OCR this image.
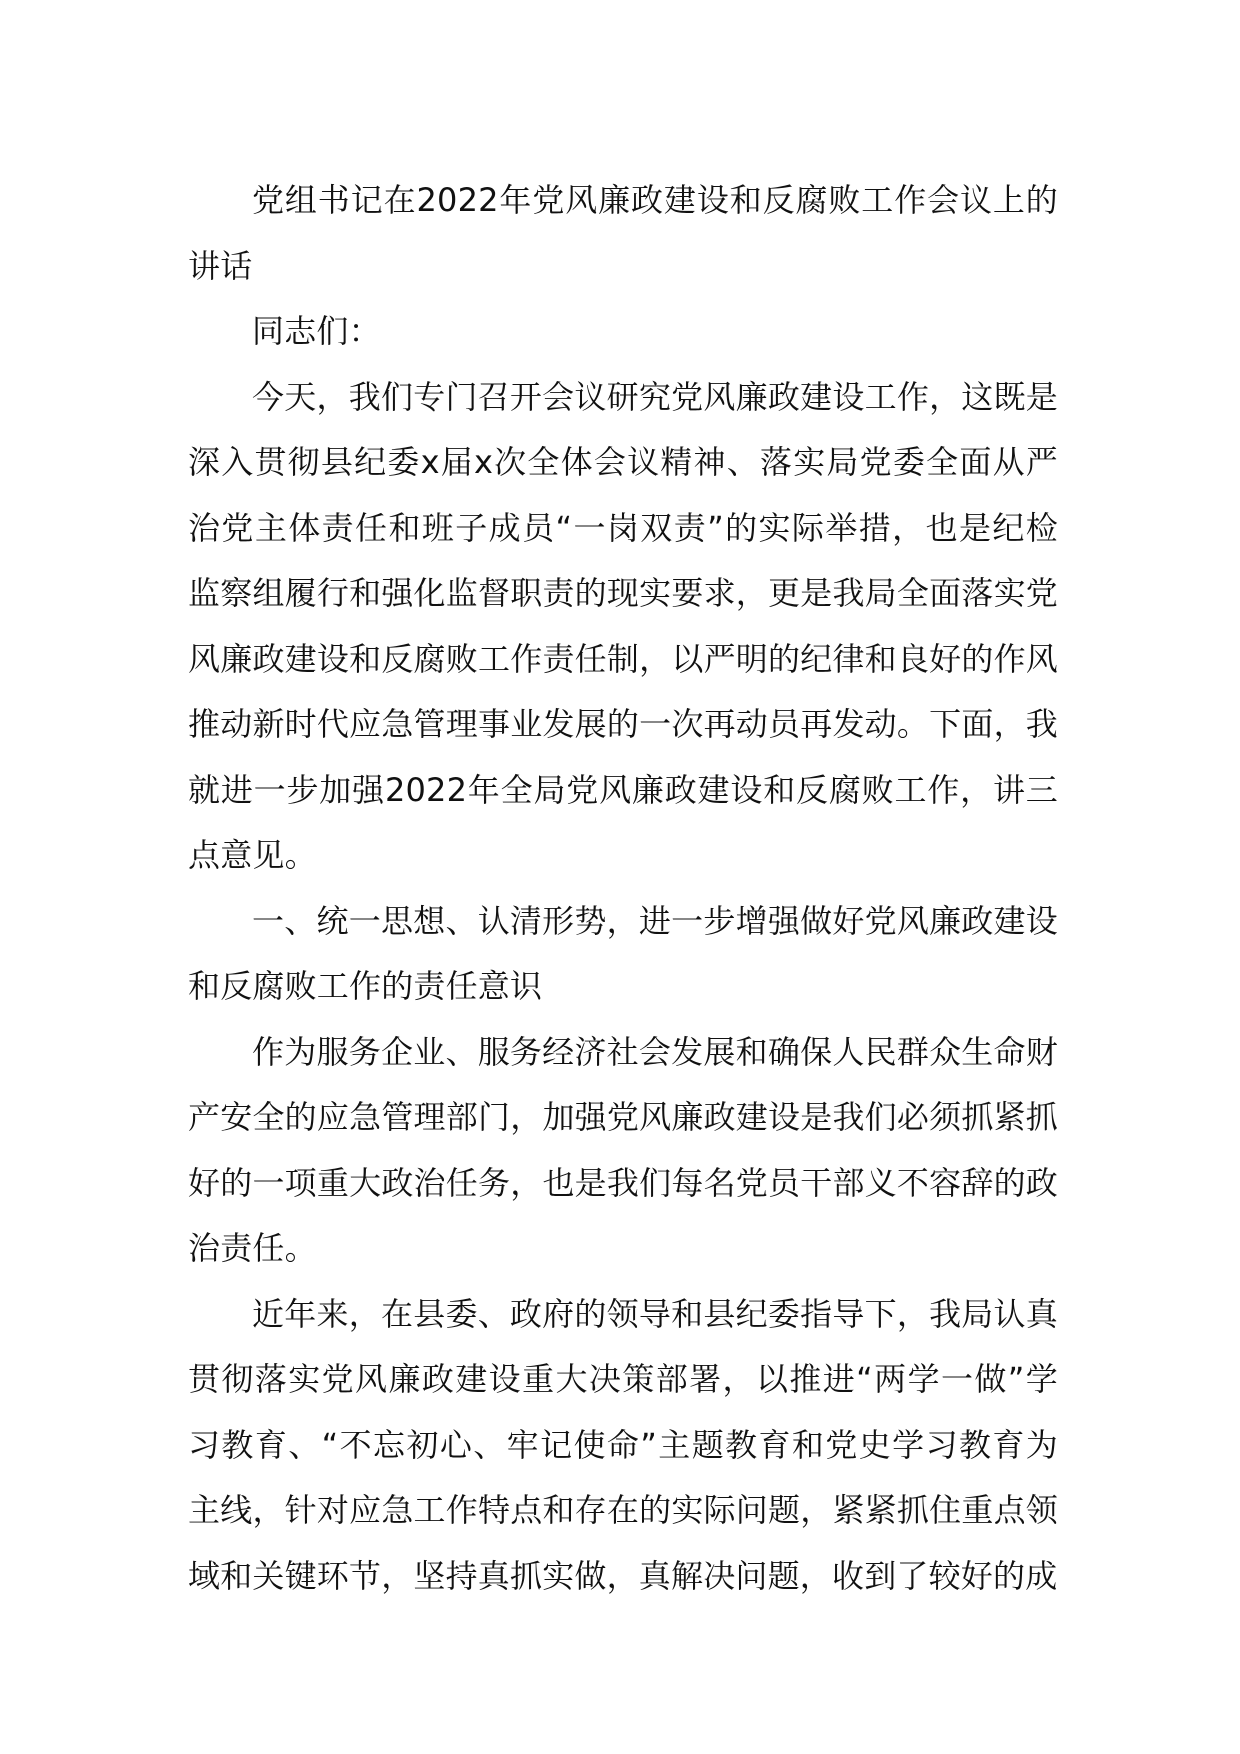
党组书记在2022年党风廉政建设和反腐败工作会议上的讲话

同志们：

今天，我们专门召开会议研究党风廉政建设工作，这既是深入贯彻县纪委x届x次全体会议精神、落实局党委全面从严治党主体责任和班子成员“一岗双责”的实际举措，也是纪检监察组履行和强化监督职责的现实要求，更是我局全面落实党风廉政建设和反腐败工作责任制，以严明的纪律和良好的作风推动新时代应急管理事业发展的一次再动员再发动。下面，我就进一步加强2022年全局党风廉政建设和反腐败工作，讲三点意见。

一、统一思想、认清形势，进一步增强做好党风廉政建设和反腐败工作的责任意识

作为服务企业、服务经济社会发展和确保人民群众生命财产安全的应急管理部门，加强党风廉政建设是我们必须抓紧抓好的一项重大政治任务，也是我们每名党员干部义不容辞的政治责任。

近年来，在县委、政府的领导和县纪委指导下，我局认真贯彻落实党风廉政建设重大决策部署，以推进“两学一做”学习教育、“不忘初心、牢记使命”主题教育和党史学习教育为主线，针对应急工作特点和存在的实际问题，紧紧抓住重点领域和关键环节，坚持真抓实做，真解决问题，收到了较好的成
